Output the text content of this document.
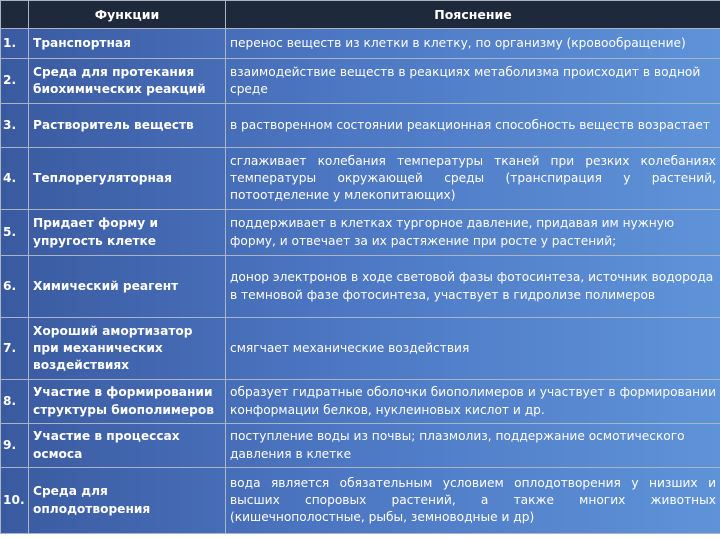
	Функции	Пояснение
1.	Транспортная	перенос веществ из клетки в клетку, по организму (кровообращение)
2.	Среда для протекания биохимических реакций	взаимодействие веществ в реакциях метаболизма происходит в водной среде
3.	Растворитель веществ	в растворенном состоянии реакционная способность веществ возрастает
4.	Теплорегуляторная	сглаживает колебания температуры тканей при резких колебаниях температуры окружающей среды (транспирация у растений, потоотделение у млекопитающих)
5.	Придает форму и упругость клетке	поддерживает в клетках тургорное давление, придавая им нужную форму, и отвечает за их растяжение при росте у растений;
6.	Химический реагент	донор электронов в ходе световой фазы фотосинтеза, источник водорода в темновой фазе фотосинтеза, участвует в гидролизе полимеров
7.	Хороший амортизатор при механических воздействиях	смягчает механические воздействия
8.	Участие в формировании структуры биополимеров	образует гидратные оболочки биополимеров и участвует в формировании конформации белков, нуклеиновых кислот и др.
9.	Участие в процессах осмоса	поступление воды из почвы; плазмолиз, поддержание осмотического давления в клетке
10.	Среда для оплодотворения	вода является обязательным условием оплодотворения у низших и высших споровых растений, а также многих животных (кишечнополостные, рыбы, земноводные и др)
